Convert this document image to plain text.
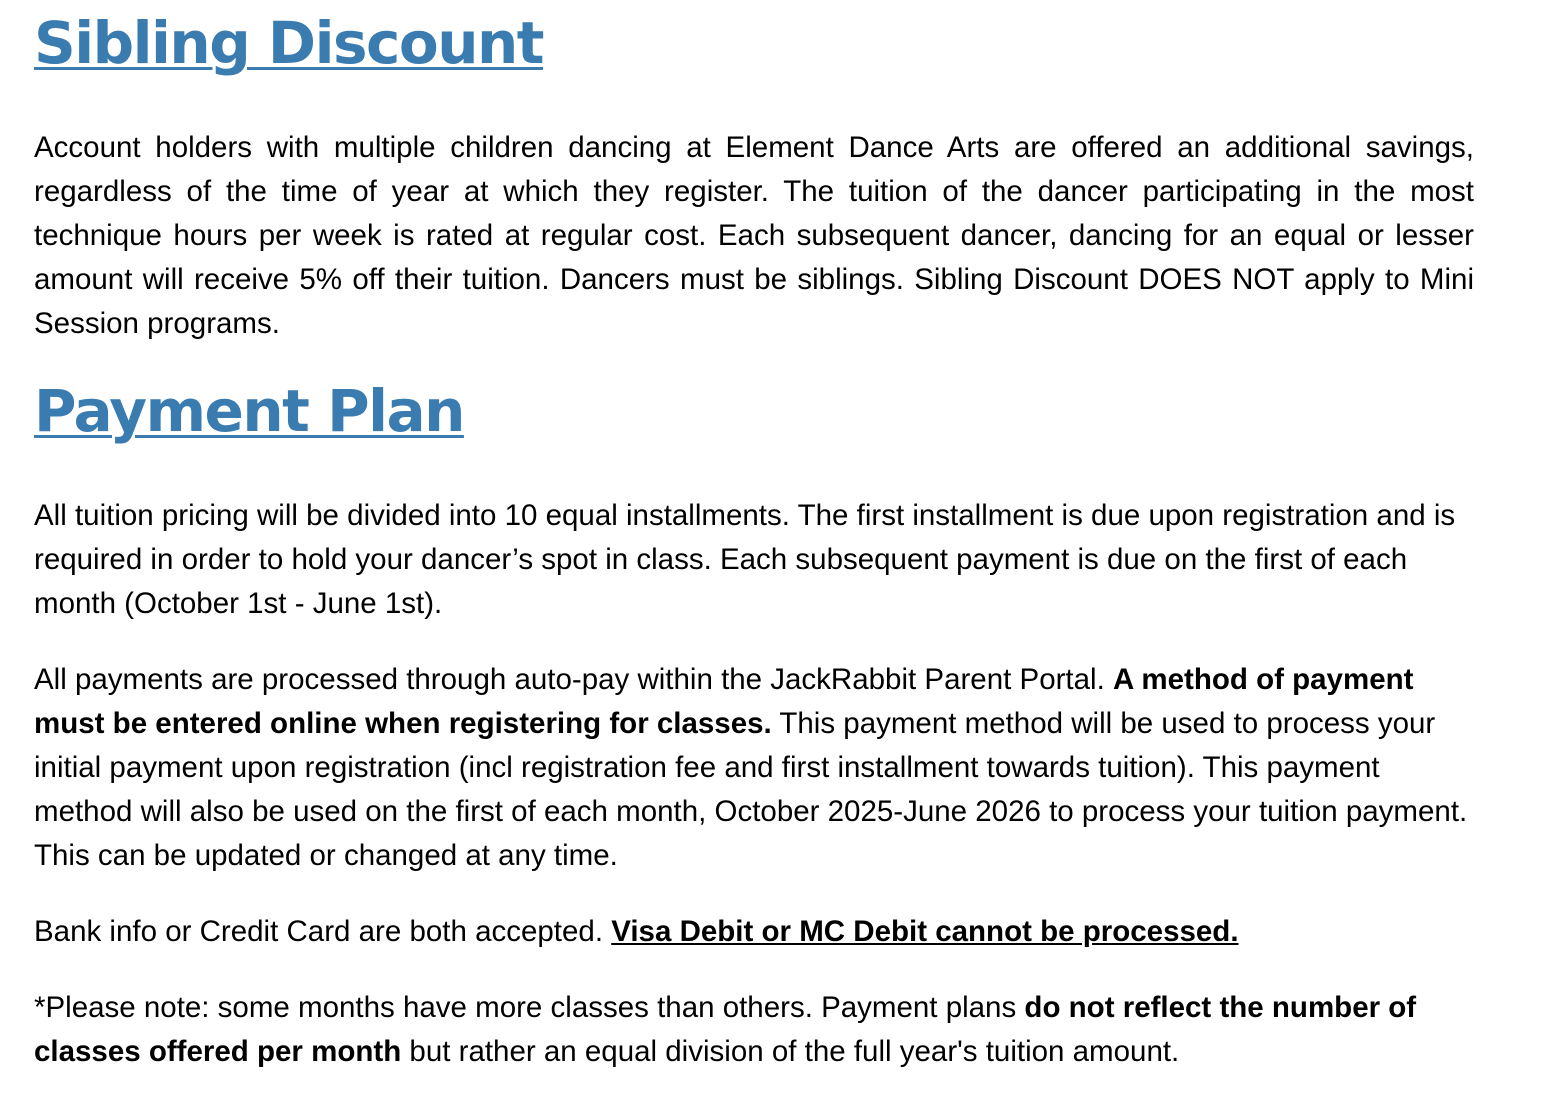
Sibling Discount

Account holders with multiple children dancing at Element Dance Arts are offered an additional savings, regardless of the time of year at which they register. The tuition of the dancer participating in the most technique hours per week is rated at regular cost. Each subsequent dancer, dancing for an equal or lesser amount will receive 5% off their tuition. Dancers must be siblings. Sibling Discount DOES NOT apply to Mini Session programs.

Payment Plan

All tuition pricing will be divided into 10 equal installments. The first installment is due upon registration and is required in order to hold your dancer’s spot in class. Each subsequent payment is due on the first of each month (October 1st - June 1st).

All payments are processed through auto-pay within the JackRabbit Parent Portal. A method of payment must be entered online when registering for classes. This payment method will be used to process your initial payment upon registration (incl registration fee and first installment towards tuition). This payment method will also be used on the first of each month, October 2025-June 2026 to process your tuition payment. This can be updated or changed at any time.

Bank info or Credit Card are both accepted. Visa Debit or MC Debit cannot be processed.

*Please note: some months have more classes than others. Payment plans do not reflect the number of classes offered per month but rather an equal division of the full year's tuition amount.
